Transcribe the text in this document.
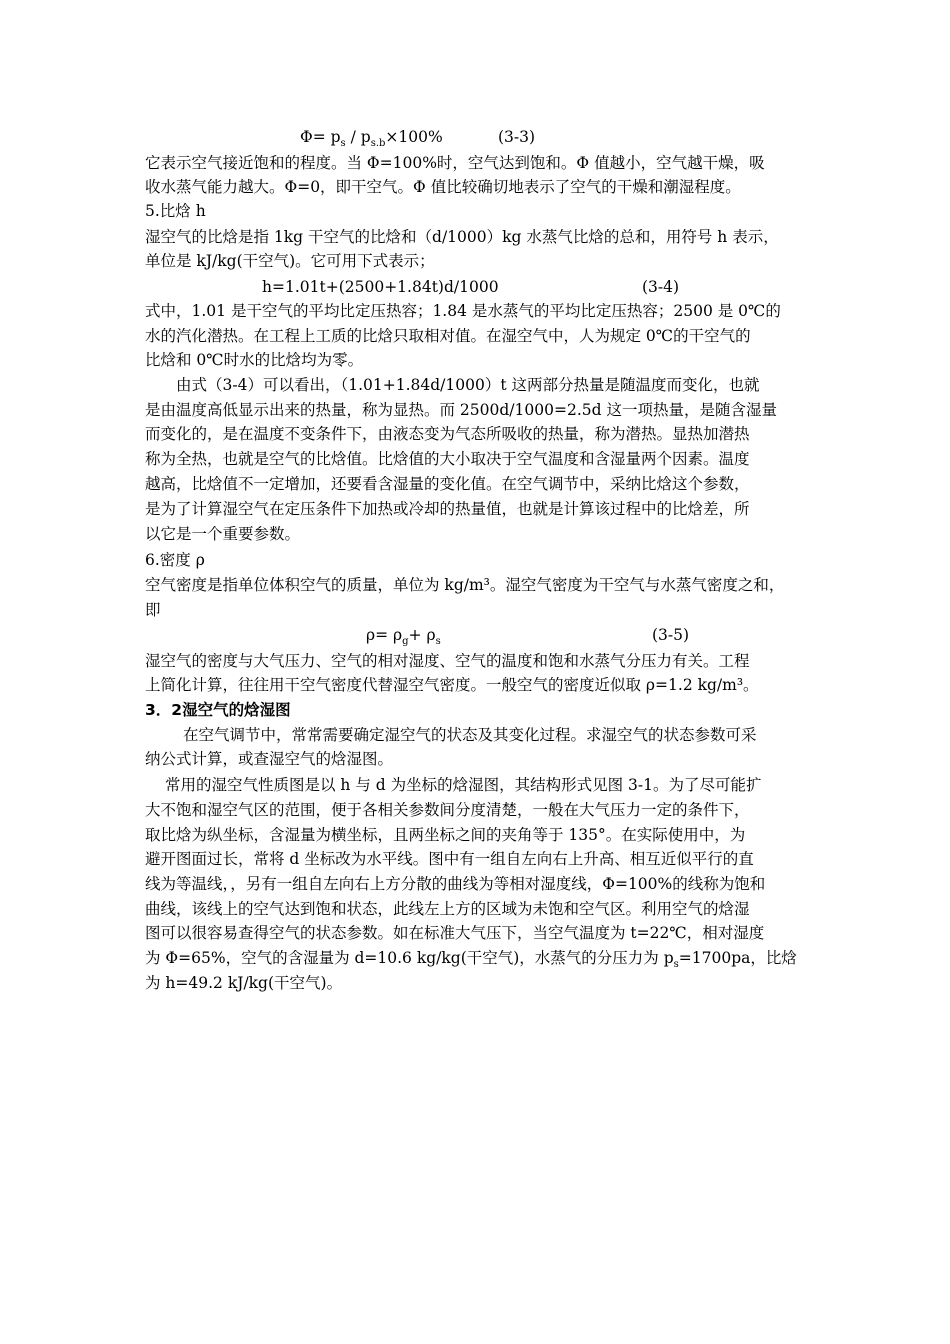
$\Phi= p_s / p_{s.b}\times 100\%$	(3-3)
它表示空气接近饱和的程度。当 Φ=100%时，空气达到饱和。Φ 值越小，空气越干燥，吸
收水蒸气能力越大。Φ=0，即干空气。Φ 值比较确切地表示了空气的干燥和潮湿程度。
5.比焓 h
湿空气的比焓是指 1kg 干空气的比焓和（d/1000）kg 水蒸气比焓的总和，用符号 h 表示，
单位是 kJ/kg(干空气)。它可用下式表示；
h=1.01t+(2500+1.84t)d/1000	(3-4)
式中，1.01 是干空气的平均比定压热容；1.84 是水蒸气的平均比定压热容；2500 是 0℃的
水的汽化潜热。在工程上工质的比焓只取相对值。在湿空气中，人为规定 0℃的干空气的
比焓和 0℃时水的比焓均为零。
由式（3-4）可以看出，（1.01+1.84d/1000）t 这两部分热量是随温度而变化，也就
是由温度高低显示出来的热量，称为显热。而 2500d/1000=2.5d 这一项热量，是随含湿量
而变化的，是在温度不变条件下，由液态变为气态所吸收的热量，称为潜热。显热加潜热
称为全热，也就是空气的比焓值。比焓值的大小取决于空气温度和含湿量两个因素。温度
越高，比焓值不一定增加，还要看含湿量的变化值。在空气调节中，采纳比焓这个参数，
是为了计算湿空气在定压条件下加热或冷却的热量值，也就是计算该过程中的比焓差，所
以它是一个重要参数。
6.密度 ρ
空气密度是指单位体积空气的质量，单位为 kg/m³。湿空气密度为干空气与水蒸气密度之和，
即
$\rho= \rho_g+ \rho_s$	(3-5)
湿空气的密度与大气压力、空气的相对湿度、空气的温度和饱和水蒸气分压力有关。工程
上简化计算，往往用干空气密度代替湿空气密度。一般空气的密度近似取 ρ=1.2 kg/m³。
3．2湿空气的焓湿图
在空气调节中，常常需要确定湿空气的状态及其变化过程。求湿空气的状态参数可采
纳公式计算，或查湿空气的焓湿图。
常用的湿空气性质图是以 h 与 d 为坐标的焓湿图，其结构形式见图 3-1。为了尽可能扩
大不饱和湿空气区的范围，便于各相关参数间分度清楚，一般在大气压力一定的条件下，
取比焓为纵坐标，含湿量为横坐标，且两坐标之间的夹角等于 135°。在实际使用中，为
避开图面过长，常将 d 坐标改为水平线。图中有一组自左向右上升高、相互近似平行的直
线为等温线，，另有一组自左向右上方分散的曲线为等相对湿度线，Φ=100%的线称为饱和
曲线，该线上的空气达到饱和状态，此线左上方的区域为未饱和空气区。利用空气的焓湿
图可以很容易查得空气的状态参数。如在标准大气压下，当空气温度为 t=22℃，相对湿度
为 Φ=65%，空气的含湿量为 d=10.6 kg/kg(干空气)，水蒸气的分压力为 $p_s=1700pa$，比焓
为 h=49.2 kJ/kg(干空气)。
